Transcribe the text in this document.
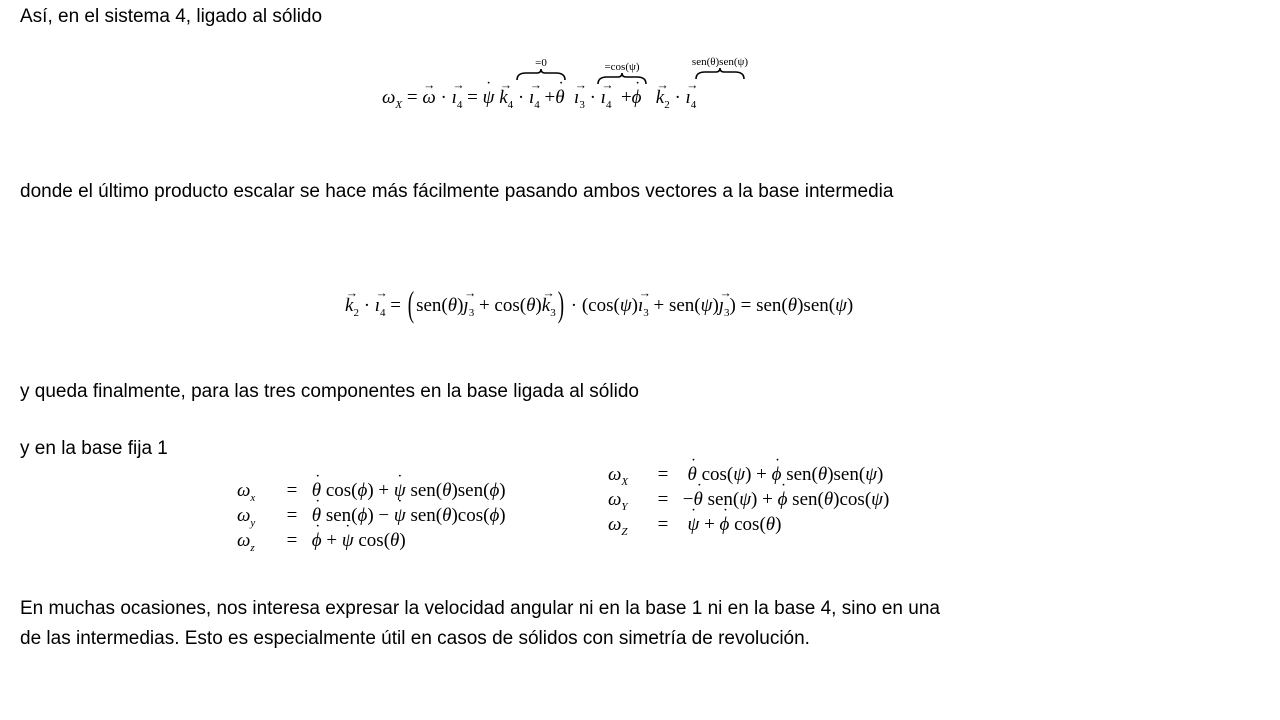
Así, en el sistema 4, ligado al sólido
=0	=cos(ψ)	sen(θ)sen(ψ)
$\omega_X$ = → ω · → $ı_4$ = ˙ $\psi \to k_4$ · → $ı_4$ +˙ $\theta \to ı_3$ · → $ı_4$  +˙ $\phi \to k_2$ · → $ı_4$
donde el último producto escalar se hace más fácilmente pasando ambos vectores a la base intermedia
→ $k_2$ · → $ı_4$ = ( $sen(\theta)\to ȷ_3 + \cos(\theta)\to k_3$ ) · ($\cos(\psi)\to ı_3 + sen(\psi)\to$ $ȷ_3) = sen(\theta)sen(\psi)$
y queda finalmente, para las tres componentes en la base ligada al sólido
y en la base fija 1
$\omega_x$ = ˙ θ cos(ϕ) + ˙ ψ sen(θ)sen(ϕ)
$\omega_y$ = ˙ θ sen(ϕ) − ˙ ψ sen(θ)cos(ϕ)
$\omega_z$ = ˙ ϕ + ˙ ψ cos(θ)
$\omega_X$ = ˙ θ cos(ψ) + ˙ ϕ sen(θ)sen(ψ)
$\omega_Y$ = −˙ θ sen(ψ) + ˙ ϕ sen(θ)cos(ψ)
$\omega_Z$ = ˙ ψ + ˙ ϕ cos(θ)
En muchas ocasiones, nos interesa expresar la velocidad angular ni en la base 1 ni en la base 4, sino en una
de las intermedias. Esto es especialmente útil en casos de sólidos con simetría de revolución.
